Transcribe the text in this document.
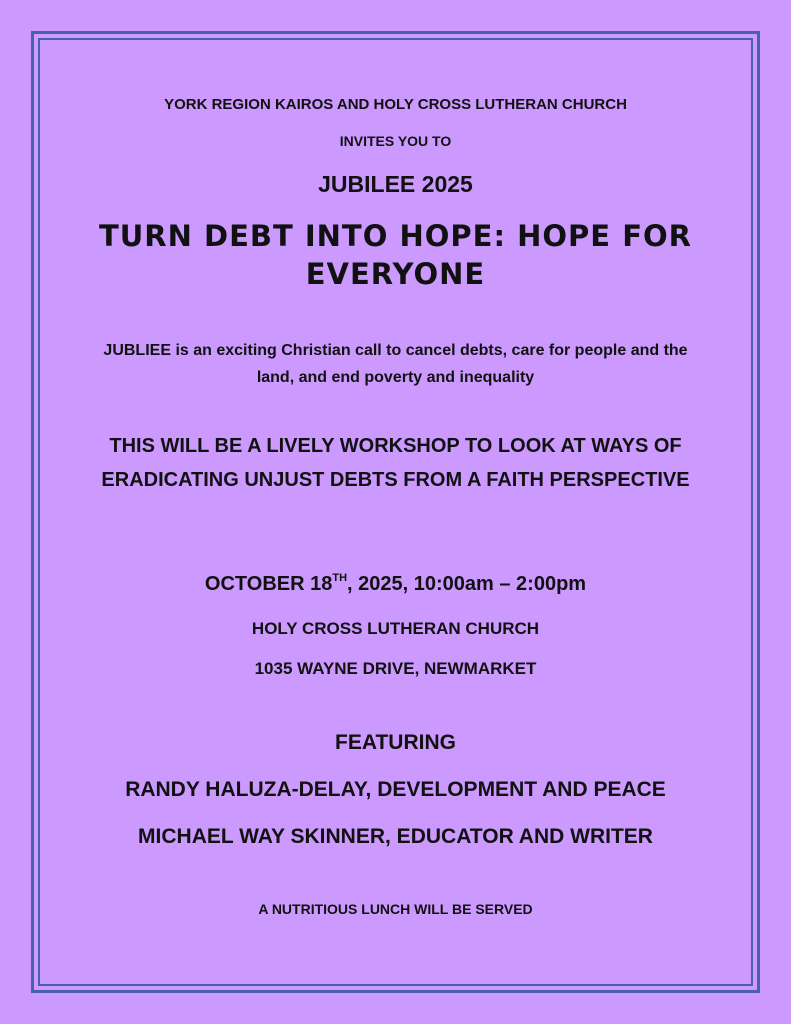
YORK REGION KAIROS AND HOLY CROSS LUTHERAN CHURCH

INVITES YOU TO

JUBILEE 2025

TURN DEBT INTO HOPE: HOPE FOR EVERYONE

JUBLIEE is an exciting Christian call to cancel debts, care for people and the land, and end poverty and inequality

THIS WILL BE A LIVELY WORKSHOP TO LOOK AT WAYS OF ERADICATING UNJUST DEBTS FROM A FAITH PERSPECTIVE

OCTOBER 18TH, 2025, 10:00am – 2:00pm

HOLY CROSS LUTHERAN CHURCH

1035 WAYNE DRIVE, NEWMARKET

FEATURING

RANDY HALUZA-DELAY, DEVELOPMENT AND PEACE

MICHAEL WAY SKINNER, EDUCATOR AND WRITER

A NUTRITIOUS LUNCH WILL BE SERVED
